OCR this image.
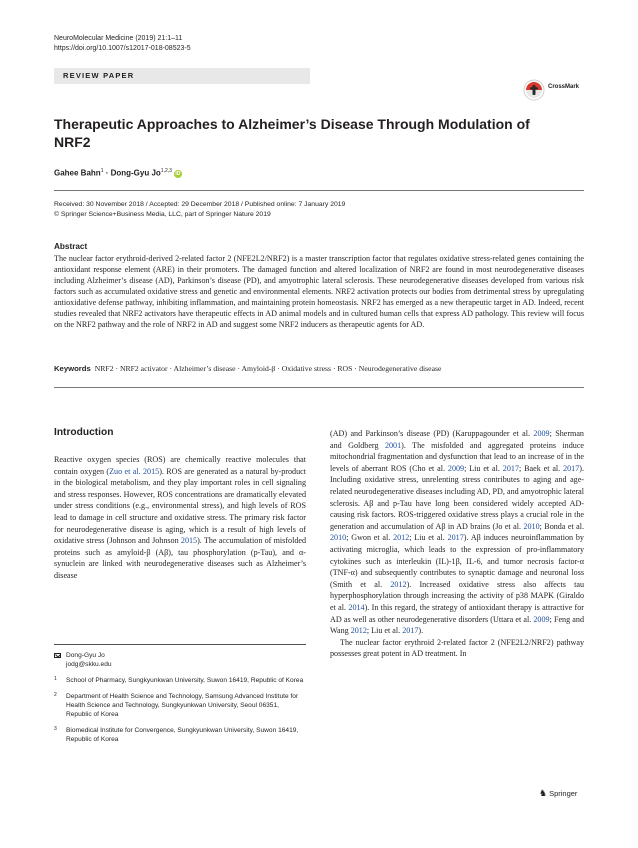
NeuroMolecular Medicine (2019) 21:1–11
https://doi.org/10.1007/s12017-018-08523-5
REVIEW PAPER
CrossMark
Therapeutic Approaches to Alzheimer’s Disease Through Modulation of NRF2
Gahee Bahn$^1$ · Dong-Gyu Jo$^{1,2,3}$ iD
Received: 30 November 2018 / Accepted: 29 December 2018 / Published online: 7 January 2019
© Springer Science+Business Media, LLC, part of Springer Nature 2019
Abstract
The nuclear factor erythroid-derived 2-related factor 2 (NFE2L2/NRF2) is a master transcription factor that regulates oxidative stress-related genes containing the antioxidant response element (ARE) in their promoters. The damaged function and altered localization of NRF2 are found in most neurodegenerative diseases including Alzheimer’s disease (AD), Parkinson’s disease (PD), and amyotrophic lateral sclerosis. These neurodegenerative diseases developed from various risk factors such as accumulated oxidative stress and genetic and environmental elements. NRF2 activation protects our bodies from detrimental stress by upregulating antioxidative defense pathway, inhibiting inflammation, and maintaining protein homeostasis. NRF2 has emerged as a new therapeutic target in AD. Indeed, recent studies revealed that NRF2 activators have therapeutic effects in AD animal models and in cultured human cells that express AD pathology. This review will focus on the NRF2 pathway and the role of NRF2 in AD and suggest some NRF2 inducers as therapeutic agents for AD.
Keywords NRF2 · NRF2 activator · Alzheimer’s disease · Amyloid-β · Oxidative stress · ROS · Neurodegenerative disease
Introduction

Reactive oxygen species (ROS) are chemically reactive molecules that contain oxygen (Zuo et al. 2015). ROS are generated as a natural by-product in the biological metabolism, and they play important roles in cell signaling and stress responses. However, ROS concentrations are dramatically elevated under stress conditions (e.g., environmental stress), and high levels of ROS lead to damage in cell structure and oxidative stress. The primary risk factor for neurodegenerative disease is aging, which is a result of high levels of oxidative stress (Johnson and Johnson 2015). The accumulation of misfolded proteins such as amyloid-β (Aβ), tau phosphorylation (p-Tau), and α-synuclein are linked with neurodegenerative diseases such as Alzheimer’s disease

(AD) and Parkinson’s disease (PD) (Karuppagounder et al. 2009; Sherman and Goldberg 2001). The misfolded and aggregated proteins induce mitochondrial fragmentation and dysfunction that lead to an increase of in the levels of aberrant ROS (Cho et al. 2009; Liu et al. 2017; Baek et al. 2017). Including oxidative stress, unrelenting stress contributes to aging and age-related neurodegenerative diseases including AD, PD, and amyotrophic lateral sclerosis. Aβ and p-Tau have long been considered widely accepted AD-causing risk factors. ROS-triggered oxidative stress plays a crucial role in the generation and accumulation of Aβ in AD brains (Jo et al. 2010; Bonda et al. 2010; Gwon et al. 2012; Liu et al. 2017). Aβ induces neuroinflammation by activating microglia, which leads to the expression of pro-inflammatory cytokines such as interleukin (IL)-1β, IL-6, and tumor necrosis factor-α (TNF-α) and subsequently contributes to synaptic damage and neuronal loss (Smith et al. 2012). Increased oxidative stress also affects tau hyperphosphorylation through increasing the activity of p38 MAPK (Giraldo et al. 2014). In this regard, the strategy of antioxidant therapy is attractive for AD as well as other neurodegenerative disorders (Uttara et al. 2009; Feng and Wang 2012; Liu et al. 2017).

The nuclear factor erythroid 2-related factor 2 (NFE2L2/NRF2) pathway possesses great potent in AD treatment. In

Dong-Gyu Jo
jodg@skku.edu
1 School of Pharmacy, Sungkyunkwan University, Suwon 16419, Republic of Korea
2 Department of Health Science and Technology, Samsung Advanced Institute for Health Science and Technology, Sungkyunkwan University, Seoul 06351, Republic of Korea
3 Biomedical Institute for Convergence, Sungkyunkwan University, Suwon 16419, Republic of Korea
♞ Springer
